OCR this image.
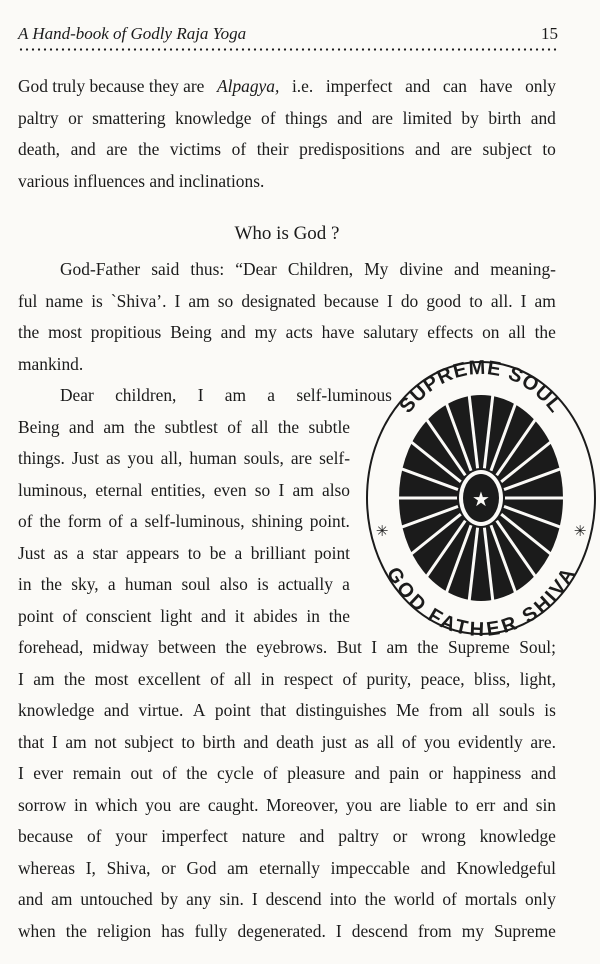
A Hand-book of Godly Raja Yoga	15
God truly because they are Alpagya, i.e. imperfect and can have only
paltry or smattering knowledge of things and are limited by birth and
death, and are the victims of their predispositions and are subject to
various influences and inclinations.
Who is God ?
God-Father said thus: “Dear Children, My divine and meaning-
ful name is `Shiva’. I am so designated because I do good to all. I am
the most propitious Being and my acts have salutary effects on all the
mankind.
Dear children, I am a self-luminous
Being and am the subtlest of all the subtle
things. Just as you all, human souls, are self-
luminous, eternal entities, even so I am also
of the form of a self-luminous, shining point.
Just as a star appears to be a brilliant point
in the sky, a human soul also is actually a
point of conscient light and it abides in the
forehead, midway between the eyebrows. But I am the Supreme Soul;
I am the most excellent of all in respect of purity, peace, bliss, light,
knowledge and virtue. A point that distinguishes Me from all souls is
that I am not subject to birth and death just as all of you evidently are.
I ever remain out of the cycle of pleasure and pain or happiness and
sorrow in which you are caught. Moreover, you are liable to err and sin
because of your imperfect nature and paltry or wrong knowledge
whereas I, Shiva, or God am eternally impeccable and Knowledgeful
and am untouched by any sin. I descend into the world of mortals only
when the religion has fully degenerated. I descend from my Supreme
★
✳	✳
SUPREME SOUL
GOD FATHER SHIVA
